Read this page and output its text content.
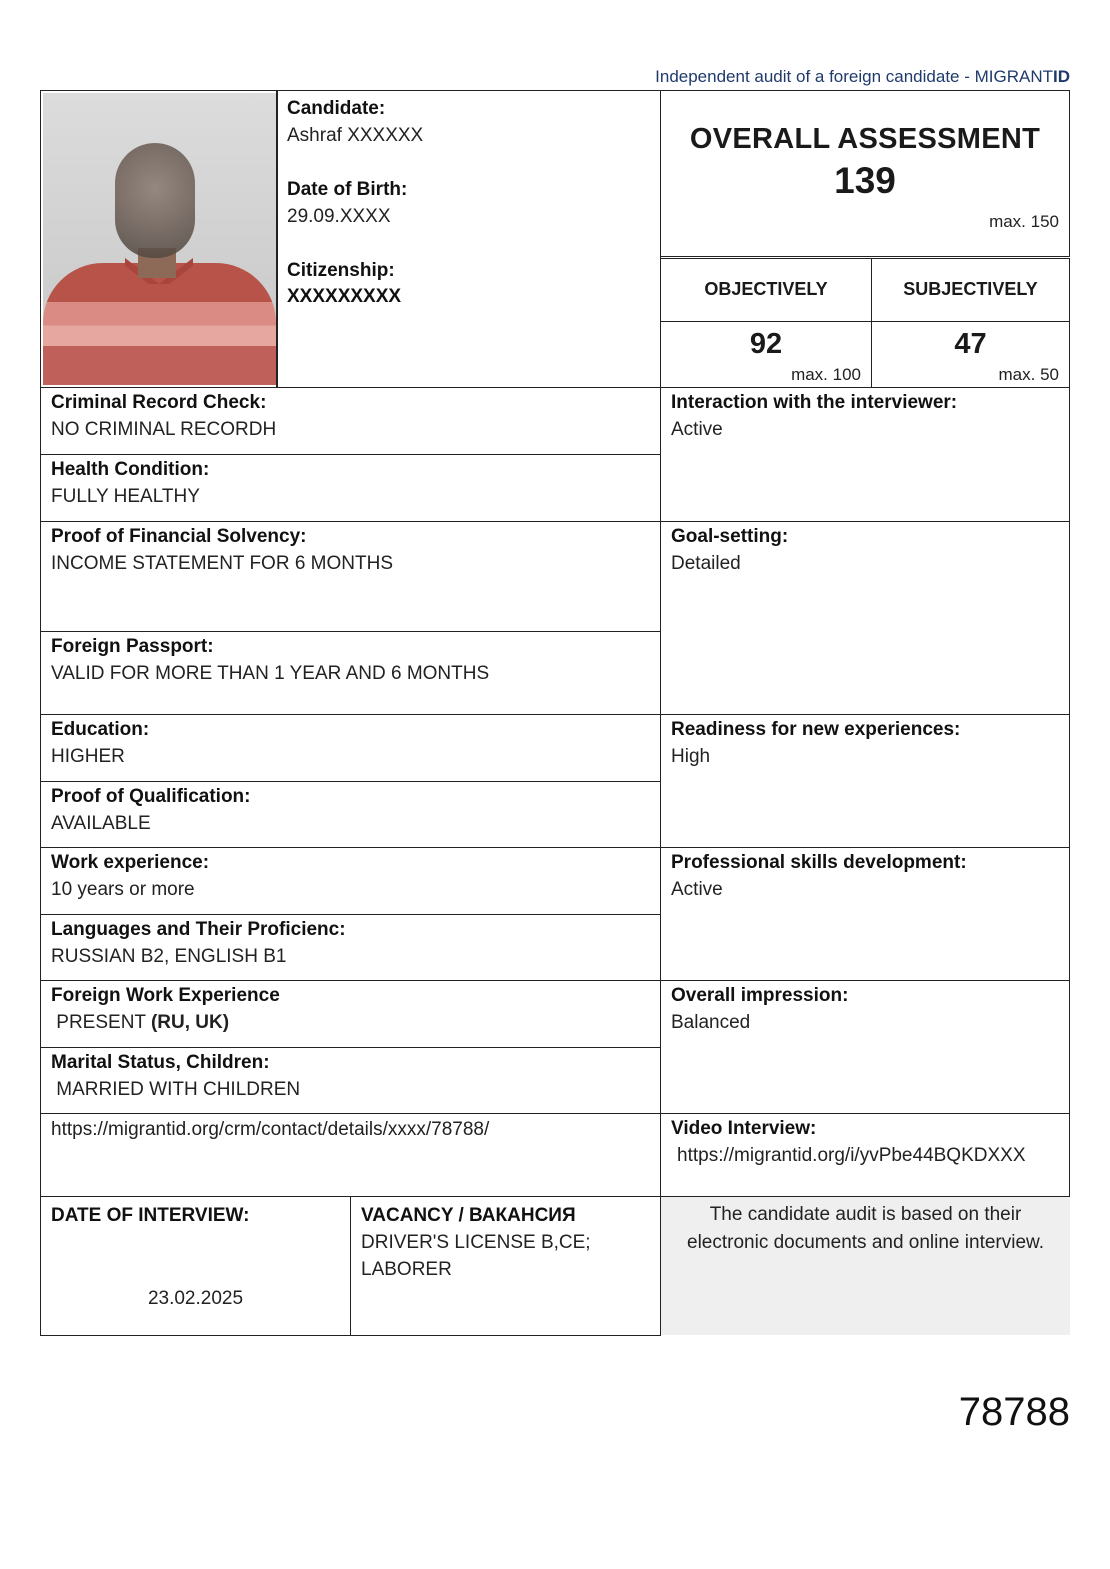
Independent audit of a foreign candidate - MIGRANTID
Candidate:
Ashraf XXXXXX
Date of Birth:
29.09.XXXX
Citizenship:
XXXXXXXXX
OVERALL ASSESSMENT
139
max. 150
OBJECTIVELY	SUBJECTIVELY
92
max. 100
47
max. 50
Criminal Record Check:
NO CRIMINAL RECORDH
Health Condition:
FULLY HEALTHY
Proof of Financial Solvency:
INCOME STATEMENT FOR 6 MONTHS
Foreign Passport:
VALID FOR MORE THAN 1 YEAR AND 6 MONTHS
Education:
HIGHER
Proof of Qualification:
AVAILABLE
Work experience:
10 years or more
Languages and Their Proficienc:
RUSSIAN B2, ENGLISH B1
Foreign Work Experience
PRESENT (RU, UK)
Marital Status, Children:
MARRIED WITH CHILDREN
https://migrantid.org/crm/contact/details/xxxx/78788/
Interaction with the interviewer:
Active
Goal-setting:
Detailed
Readiness for new experiences:
High
Professional skills development:
Active
Overall impression:
Balanced
Video Interview:
https://migrantid.org/i/yvPbe44BQKDXXX
DATE OF INTERVIEW:
23.02.2025
VACANCY / ВАКАНСИЯ
DRIVER'S LICENSE B,CE;
LABORER
The candidate audit is based on their electronic documents and online interview.
78788
